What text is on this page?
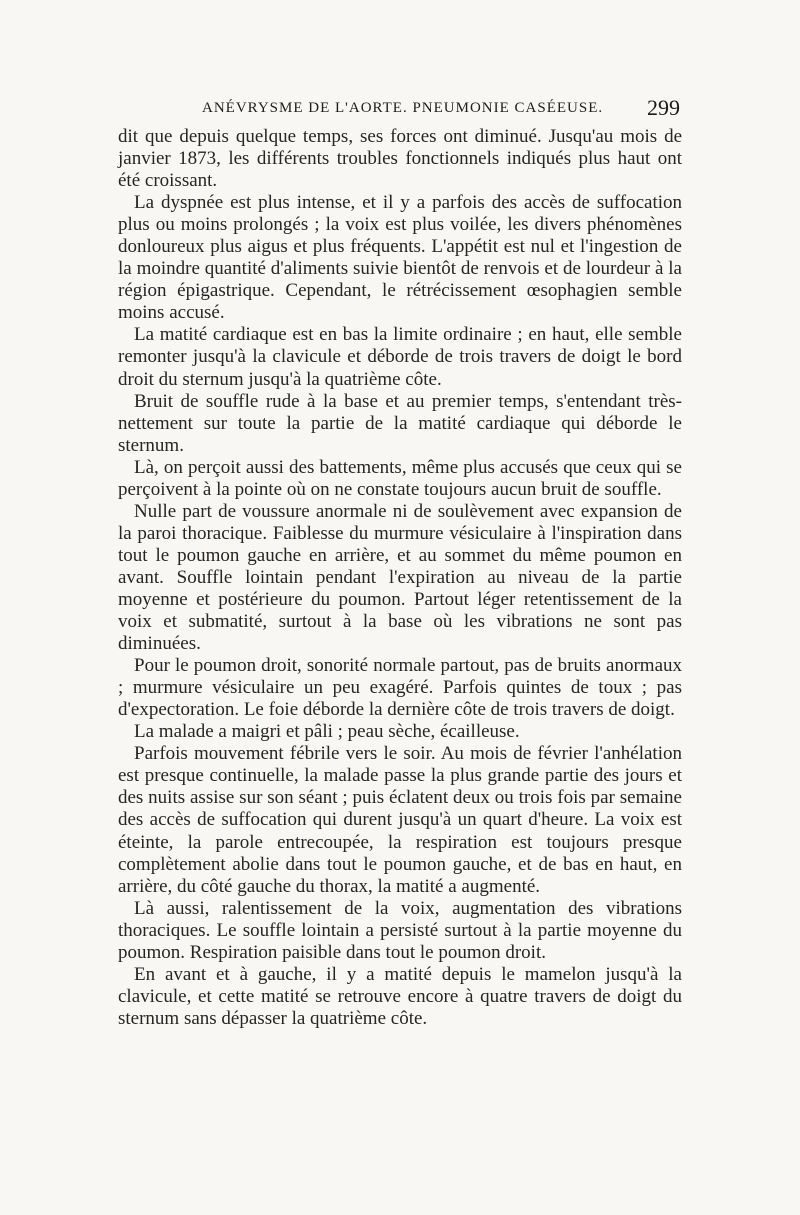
ANÉVRYSME DE L'AORTE. PNEUMONIE CASÉEUSE. 299

dit que depuis quelque temps, ses forces ont diminué. Jusqu'au mois de janvier 1873, les différents troubles fonctionnels indiqués plus haut ont été croissant.

La dyspnée est plus intense, et il y a parfois des accès de suffocation plus ou moins prolongés ; la voix est plus voilée, les divers phénomènes donloureux plus aigus et plus fréquents. L'appétit est nul et l'ingestion de la moindre quantité d'aliments suivie bientôt de renvois et de lourdeur à la région épigastrique. Cependant, le rétrécissement œsophagien semble moins accusé.

La matité cardiaque est en bas la limite ordinaire ; en haut, elle semble remonter jusqu'à la clavicule et déborde de trois travers de doigt le bord droit du sternum jusqu'à la quatrième côte.

Bruit de souffle rude à la base et au premier temps, s'entendant très-nettement sur toute la partie de la matité cardiaque qui déborde le sternum.

Là, on perçoit aussi des battements, même plus accusés que ceux qui se perçoivent à la pointe où on ne constate toujours aucun bruit de souffle.

Nulle part de voussure anormale ni de soulèvement avec expansion de la paroi thoracique. Faiblesse du murmure vésiculaire à l'inspiration dans tout le poumon gauche en arrière, et au sommet du même poumon en avant. Souffle lointain pendant l'expiration au niveau de la partie moyenne et postérieure du poumon. Partout léger retentissement de la voix et submatité, surtout à la base où les vibrations ne sont pas diminuées.

Pour le poumon droit, sonorité normale partout, pas de bruits anormaux ; murmure vésiculaire un peu exagéré. Parfois quintes de toux ; pas d'expectoration. Le foie déborde la dernière côte de trois travers de doigt.

La malade a maigri et pâli ; peau sèche, écailleuse.

Parfois mouvement fébrile vers le soir. Au mois de février l'anhélation est presque continuelle, la malade passe la plus grande partie des jours et des nuits assise sur son séant ; puis éclatent deux ou trois fois par semaine des accès de suffocation qui durent jusqu'à un quart d'heure. La voix est éteinte, la parole entrecoupée, la respiration est toujours presque complètement abolie dans tout le poumon gauche, et de bas en haut, en arrière, du côté gauche du thorax, la matité a augmenté.

Là aussi, ralentissement de la voix, augmentation des vibrations thoraciques. Le souffle lointain a persisté surtout à la partie moyenne du poumon. Respiration paisible dans tout le poumon droit.

En avant et à gauche, il y a matité depuis le mamelon jusqu'à la clavicule, et cette matité se retrouve encore à quatre travers de doigt du sternum sans dépasser la quatrième côte.
